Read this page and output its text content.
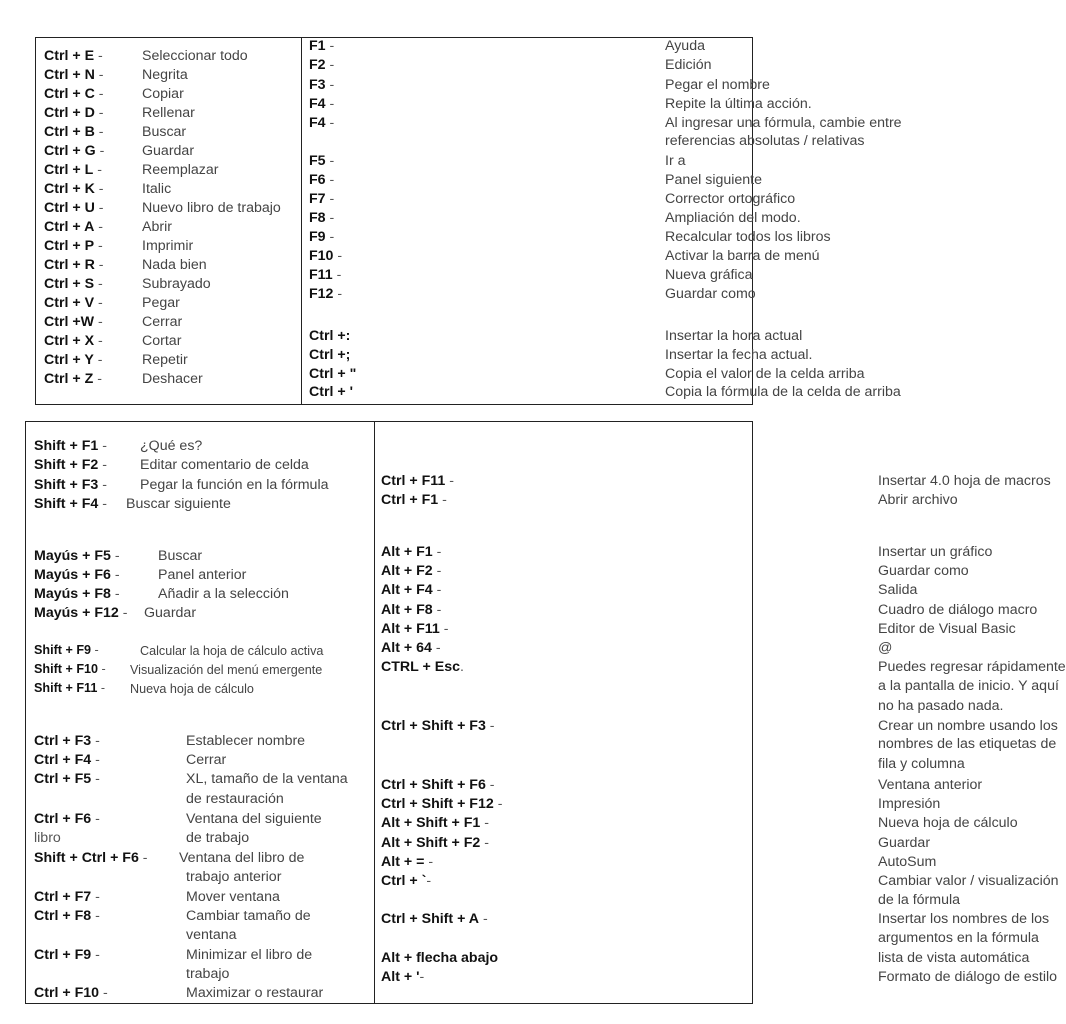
Ctrl + E -	Seleccionar todo
Ctrl + N -	Negrita
Ctrl + C -	Copiar
Ctrl + D -	Rellenar
Ctrl + B -	Buscar
Ctrl + G -	Guardar
Ctrl + L -	Reemplazar
Ctrl + K -	Italic
Ctrl + U -	Nuevo libro de trabajo
Ctrl + A -	Abrir
Ctrl + P -	Imprimir
Ctrl + R -	Nada bien
Ctrl + S -	Subrayado
Ctrl + V -	Pegar
Ctrl +W -	Cerrar
Ctrl + X -	Cortar
Ctrl + Y -	Repetir
Ctrl + Z -	Deshacer
F1 -	Ayuda
F2 -	Edición
F3 -	Pegar el nombre
F4 -	Repite la última acción.
F4 -	Al ingresar una fórmula, cambie entre
referencias absolutas / relativas
F5 -	Ir a
F6 -	Panel siguiente
F7 -	Corrector ortográfico
F8 -	Ampliación del modo.
F9 -	Recalcular todos los libros
F10 -	Activar la barra de menú
F11 -	Nueva gráfica
F12 -	Guardar como
Ctrl +:	Insertar la hora actual
Ctrl +;	Insertar la fecha actual.
Ctrl + "	Copia el valor de la celda arriba
Ctrl + '	Copia la fórmula de la celda de arriba
Shift + F1 - ¿Qué es?
Shift + F2 - Editar comentario de celda
Shift + F3 - Pegar la función en la fórmula
Shift + F4 - Buscar siguiente
Mayús + F5 -	Buscar
Mayús + F6 -	Panel anterior
Mayús + F8 -	Añadir a la selección
Mayús + F12 - Guardar
Shift + F9 -	Calcular la hoja de cálculo activa
Shift + F10 - Visualización del menú emergente
Shift + F11 - Nueva hoja de cálculo
Ctrl + F3 -	Establecer nombre
Ctrl + F4 -	Cerrar
Ctrl + F5 -	XL, tamaño de la ventana
de restauración
Ctrl + F6 -	Ventana del siguiente
libro	de trabajo
Shift + Ctrl + F6 - Ventana del libro de
trabajo anterior
Ctrl + F7 -	Mover ventana
Ctrl + F8 -	Cambiar tamaño de
ventana
Ctrl + F9 -	Minimizar el libro de
trabajo
Ctrl + F10 -	Maximizar o restaurar
Ctrl + F11 -	Insertar 4.0 hoja de macros
Ctrl + F1 -	Abrir archivo
Alt + F1 -	Insertar un gráfico
Alt + F2 -	Guardar como
Alt + F4 -	Salida
Alt + F8 -	Cuadro de diálogo macro
Alt + F11 -	Editor de Visual Basic
Alt + 64 -	@
CTRL + Esc.	Puedes regresar rápidamente
a la pantalla de inicio. Y aquí
no ha pasado nada.
Ctrl + Shift + F3 -	Crear un nombre usando los
nombres de las etiquetas de
fila y columna
Ctrl + Shift + F6 -	Ventana anterior
Ctrl + Shift + F12 -	Impresión
Alt + Shift + F1 -	Nueva hoja de cálculo
Alt + Shift + F2 -	Guardar
Alt + = -	AutoSum
Ctrl + `-	Cambiar valor / visualización
de la fórmula
Ctrl + Shift + A -	Insertar los nombres de los
argumentos en la fórmula
Alt + flecha abajo	lista de vista automática
Alt + '-	Formato de diálogo de estilo
